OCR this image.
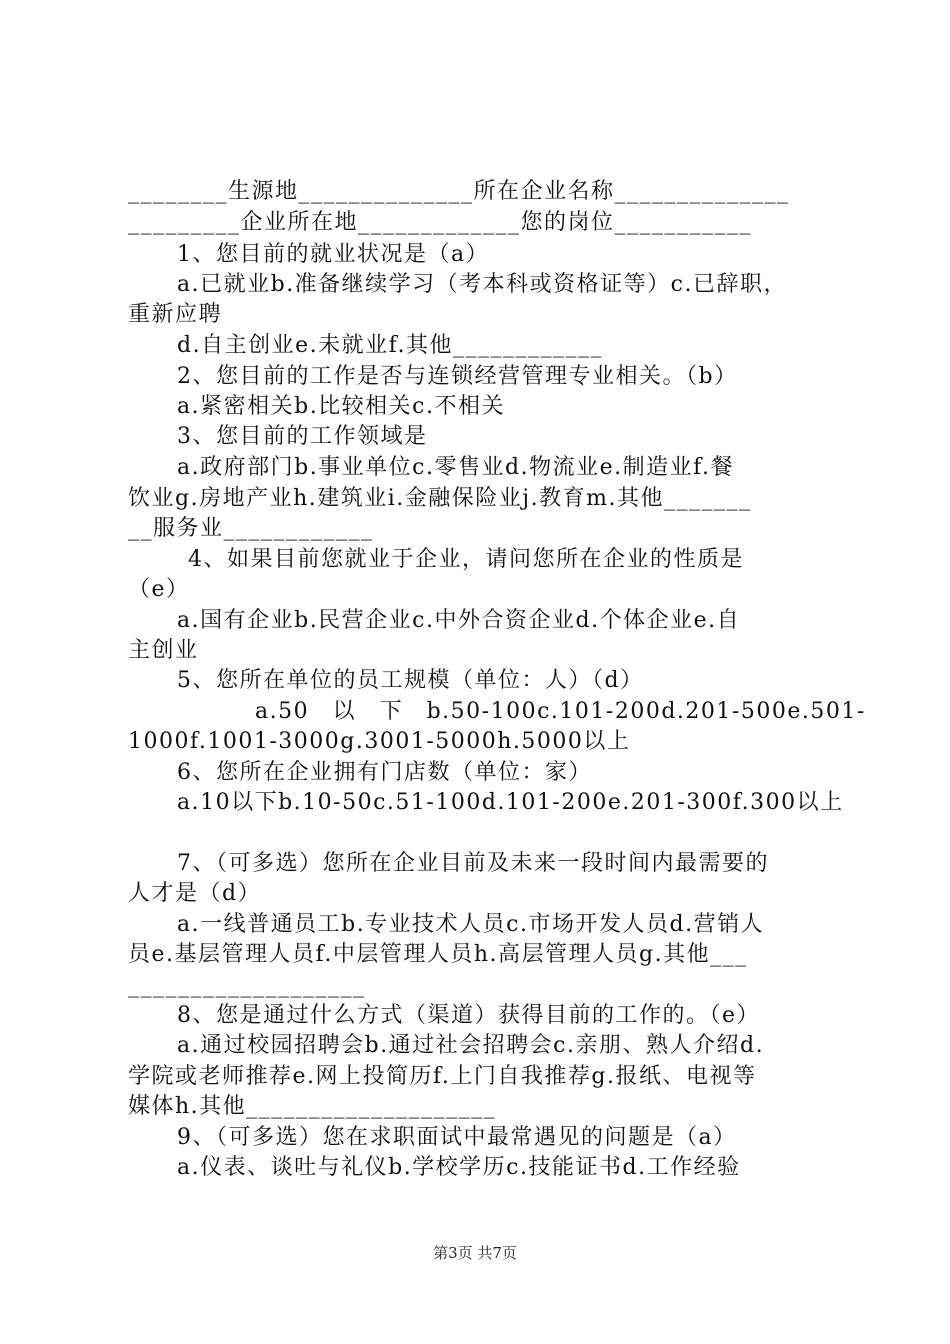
________生源地______________所在企业名称______________
_________企业所在地_____________您的岗位___________
1、您目前的就业状况是（a）
a.已就业b.准备继续学习（考本科或资格证等）c.已辞职，
重新应聘
d.自主创业e.未就业f.其他____________
2、您目前的工作是否与连锁经营管理专业相关。（b）
a.紧密相关b.比较相关c.不相关
3、您目前的工作领域是
a.政府部门b.事业单位c.零售业d.物流业e.制造业f.餐
饮业g.房地产业h.建筑业i.金融保险业j.教育m.其他_______
__服务业____________
4、如果目前您就业于企业，请问您所在企业的性质是
（e）
a.国有企业b.民营企业c.中外合资企业d.个体企业e.自
主创业
5、您所在单位的员工规模（单位：人）（d）
a.50　以　下　b.50-100c.101-200d.201-500e.501-
1000f.1001-3000g.3001-5000h.5000以上
6、您所在企业拥有门店数（单位：家）
a.10以下b.10-50c.51-100d.101-200e.201-300f.300以上
7、（可多选）您所在企业目前及未来一段时间内最需要的
人才是（d）
a.一线普通员工b.专业技术人员c.市场开发人员d.营销人
员e.基层管理人员f.中层管理人员h.高层管理人员g.其他___
___________________
8、您是通过什么方式（渠道）获得目前的工作的。（e）
a.通过校园招聘会b.通过社会招聘会c.亲朋、熟人介绍d.
学院或老师推荐e.网上投简历f.上门自我推荐g.报纸、电视等
媒体h.其他____________________
9、（可多选）您在求职面试中最常遇见的问题是（a）
a.仪表、谈吐与礼仪b.学校学历c.技能证书d.工作经验
第3页 共7页
